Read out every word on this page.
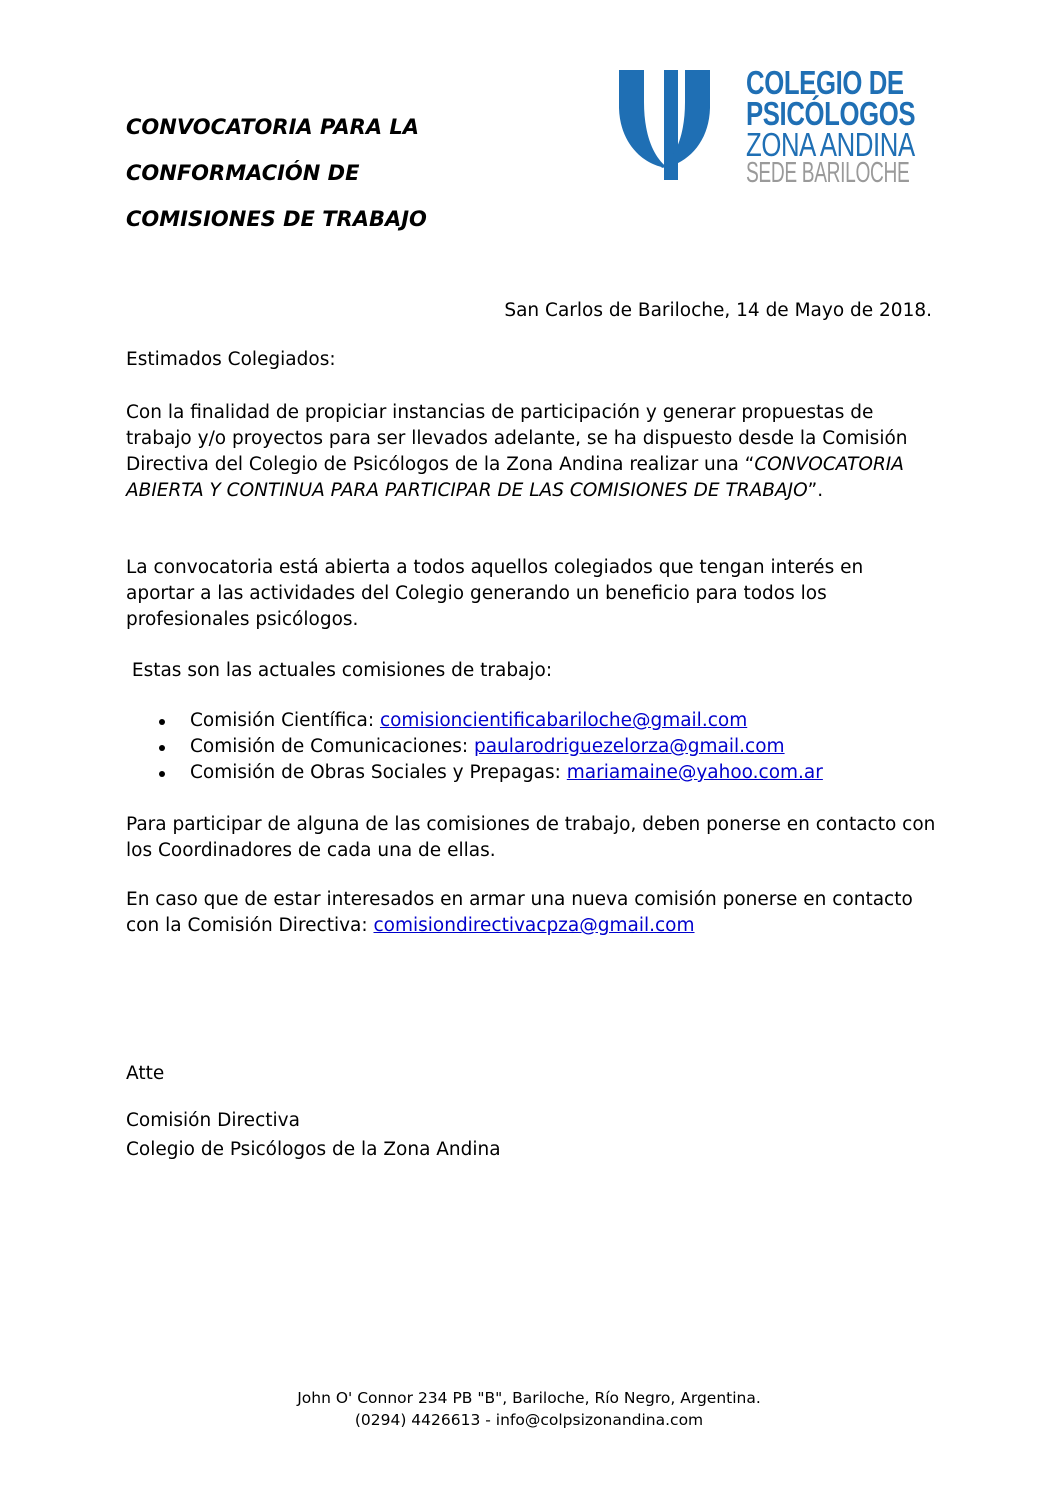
CONVOCATORIA PARA LA
CONFORMACIÓN DE
COMISIONES DE TRABAJO
COLEGIO DE
PSICÓLOGOS
ZONA ANDINA
SEDE BARILOCHE
San Carlos de Bariloche, 14 de Mayo de 2018.
Estimados Colegiados:

Con la finalidad de propiciar instancias de participación y generar propuestas de trabajo y/o proyectos para ser llevados adelante, se ha dispuesto desde la Comisión Directiva del Colegio de Psicólogos de la Zona Andina realizar una “CONVOCATORIA ABIERTA Y CONTINUA PARA PARTICIPAR DE LAS COMISIONES DE TRABAJO”.

La convocatoria está abierta a todos aquellos colegiados que tengan interés en aportar a las actividades del Colegio generando un beneficio para todos los profesionales psicólogos.
Estas son las actuales comisiones de trabajo:
Comisión Científica: comisioncientificabariloche@gmail.com
Comisión de Comunicaciones: paularodriguezelorza@gmail.com
Comisión de Obras Sociales y Prepagas: mariamaine@yahoo.com.ar
Para participar de alguna de las comisiones de trabajo, deben ponerse en contacto con los Coordinadores de cada una de ellas.

En caso que de estar interesados en armar una nueva comisión ponerse en contacto con la Comisión Directiva: comisiondirectivacpza@gmail.com

Atte
Comisión Directiva
Colegio de Psicólogos de la Zona Andina
John O' Connor 234 PB "B", Bariloche, Río Negro, Argentina.
(0294) 4426613 - info@colpsizonandina.com
